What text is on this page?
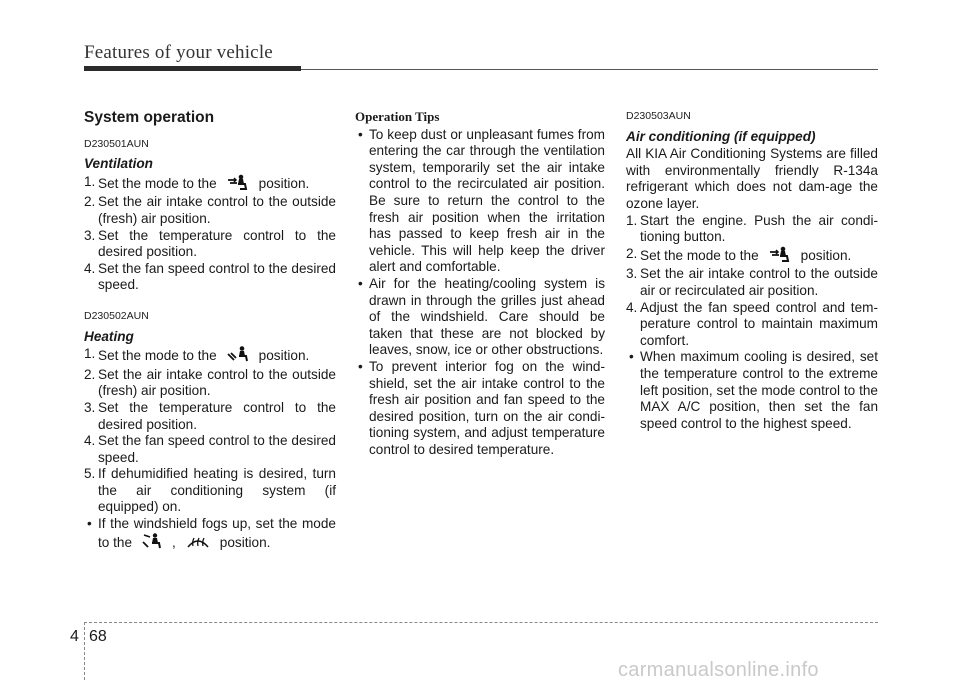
Features of your vehicle
System operation
D230501AUN
Ventilation
1. Set the mode to the	position.
2. Set the air intake control to the outside (fresh) air position.
3. Set the temperature control to the desired position.
4. Set the fan speed control to the desired speed.
D230502AUN
Heating
1. Set the mode to the	position.
2. Set the air intake control to the outside (fresh) air position.
3. Set the temperature control to the desired position.
4. Set the fan speed control to the desired speed.
5. If dehumidified heating is desired, turn the air conditioning system (if equipped) on.
• If the windshield fogs up, set the mode to the	,	position.
Operation Tips
• To keep dust or unpleasant fumes from entering the car through the ventilation system, temporarily set the air intake control to the recirculated air position. Be sure to return the control to the fresh air position when the irritation has passed to keep fresh air in the vehicle. This will help keep the driver alert and comfortable.
• Air for the heating/cooling system is drawn in through the grilles just ahead of the windshield. Care should be taken that these are not blocked by leaves, snow, ice or other obstructions.
• To prevent interior fog on the wind-shield, set the air intake control to the fresh air position and fan speed to the desired position, turn on the air condi-tioning system, and adjust temperature control to desired temperature.
D230503AUN
Air conditioning (if equipped)
All KIA Air Conditioning Systems are filled with environmentally friendly R-134a refrigerant which does not dam-age the ozone layer.
1. Start the engine. Push the air condi-tioning button.
2. Set the mode to the	position.
3. Set the air intake control to the outside air or recirculated air position.
4. Adjust the fan speed control and tem-perature control to maintain maximum comfort.
• When maximum cooling is desired, set the temperature control to the extreme left position, set the mode control to the MAX A/C position, then set the fan speed control to the highest speed.
4 68
carmanualsonline.info
